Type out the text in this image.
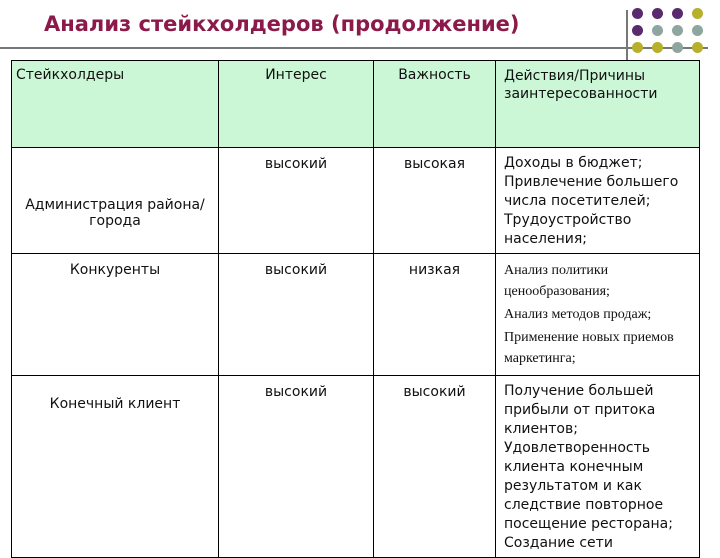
Анализ стейкхолдеров (продолжение)
Стейкхолдеры	Интерес	Важность	Действия/Причины заинтересованности
Администрация района/города	высокий	высокая	Доходы в бюджет;
Привлечение большего числа посетителей;
Трудоустройство населения;

Конкуренты	высокий	низкая	Анализ политики ценообразования;
Анализ методов продаж;
Применение новых приемов маркетинга;

Конечный клиент	высокий	высокий	Получение большей прибыли от притока клиентов;
Удовлетворенность клиента конечным результатом и как следствие повторное посещение ресторана;
Создание сети
